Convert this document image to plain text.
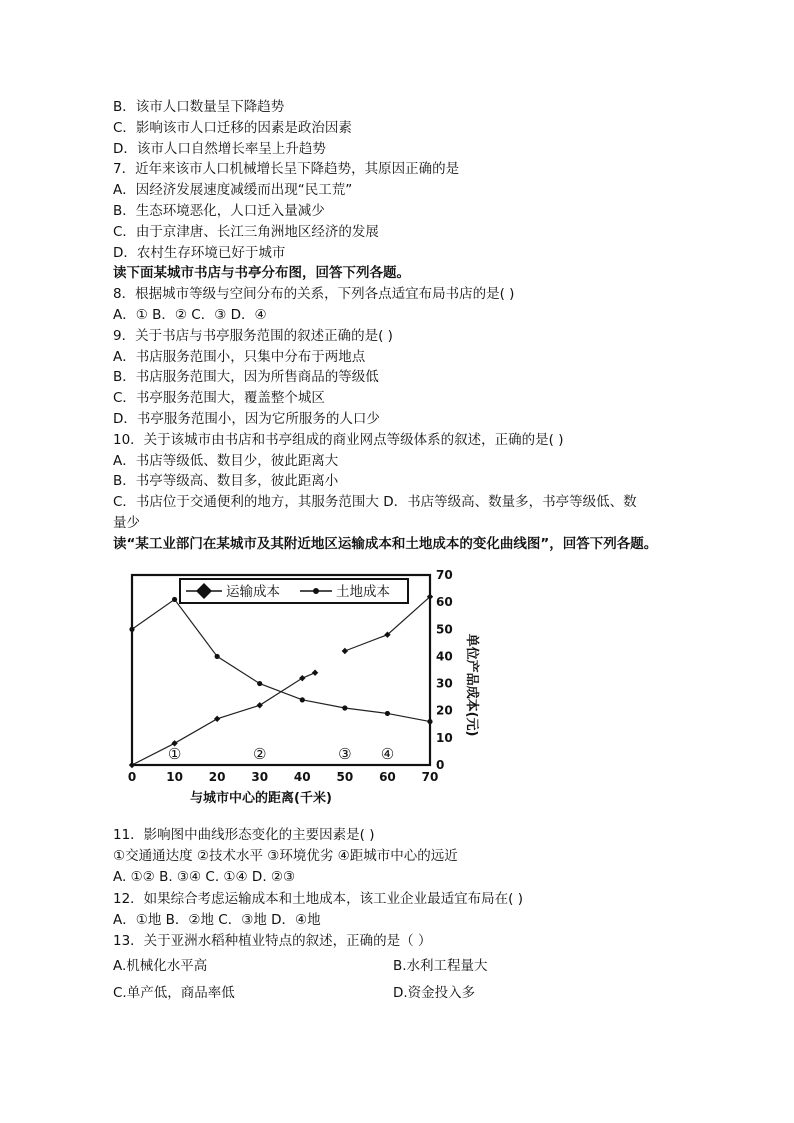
B．该市人口数量呈下降趋势
C．影响该市人口迁移的因素是政治因素
D．该市人口自然增长率呈上升趋势
7．近年来该市人口机械增长呈下降趋势，其原因正确的是
A．因经济发展速度减缓而出现“民工荒”
B．生态环境恶化，人口迁入量减少
C．由于京津唐、长江三角洲地区经济的发展
D．农村生存环境已好于城市
读下面某城市书店与书亭分布图，回答下列各题。
8．根据城市等级与空间分布的关系，下列各点适宜布局书店的是( )
A．① B．② C．③ D．④
9．关于书店与书亭服务范围的叙述正确的是( )
A．书店服务范围小，只集中分布于两地点
B．书店服务范围大，因为所售商品的等级低
C．书亭服务范围大，覆盖整个城区
D．书亭服务范围小，因为它所服务的人口少
10．关于该城市由书店和书亭组成的商业网点等级体系的叙述，正确的是( )
A．书店等级低、数目少，彼此距离大
B．书亭等级高、数目多，彼此距离小
C．书店位于交通便利的地方，其服务范围大 D．书店等级高、数量多，书亭等级低、数
量少
读“某工业部门在某城市及其附近地区运输成本和土地成本的变化曲线图”，回答下列各题。
0	10 20 30 40 50 60 70
0
10
20
30
40
50
60
70
与城市中心的距离(千米)
单位产品成本(元)
①	②	③ ④
运输成本	土地成本
11．影响图中曲线形态变化的主要因素是( )
①交通通达度 ②技术水平 ③环境优劣 ④距城市中心的远近
A. ①② B. ③④ C. ①④ D. ②③
12．如果综合考虑运输成本和土地成本，该工业企业最适宜布局在( )
A．①地 B．②地 C．③地 D．④地
13．关于亚洲水稻种植业特点的叙述，正确的是（ ）
A.机械化水平高	B.水利工程量大
C.单产低，商品率低	D.资金投入多
